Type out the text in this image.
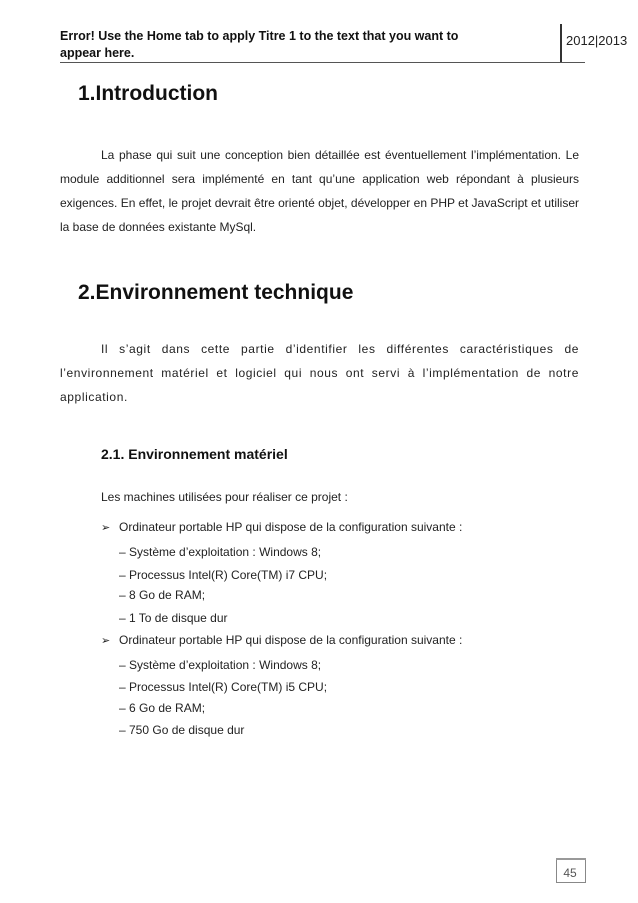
Error! Use the Home tab to apply Titre 1 to the text that you want to appear here.
2012|2013
1.Introduction

La phase qui suit une conception bien détaillée est éventuellement l’implémentation. Le module additionnel sera implémenté en tant qu’une application web répondant à plusieurs exigences. En effet, le projet devrait être orienté objet, développer en PHP et JavaScript et utiliser la base de données existante MySql.

2.Environnement technique

Il s’agit dans cette partie d’identifier les différentes caractéristiques de l’environnement matériel et logiciel qui nous ont servi à l’implémentation de notre application.

2.1. Environnement matériel

Les machines utilisées pour réaliser ce projet :

➢ Ordinateur portable HP qui dispose de la configuration suivante :

– Système d’exploitation : Windows 8;

– Processus Intel(R) Core(TM) i7 CPU;

– 8 Go de RAM;

– 1 To de disque dur

➢ Ordinateur portable HP qui dispose de la configuration suivante :

– Système d’exploitation : Windows 8;

– Processus Intel(R) Core(TM) i5 CPU;

– 6 Go de RAM;

– 750 Go de disque dur

45
